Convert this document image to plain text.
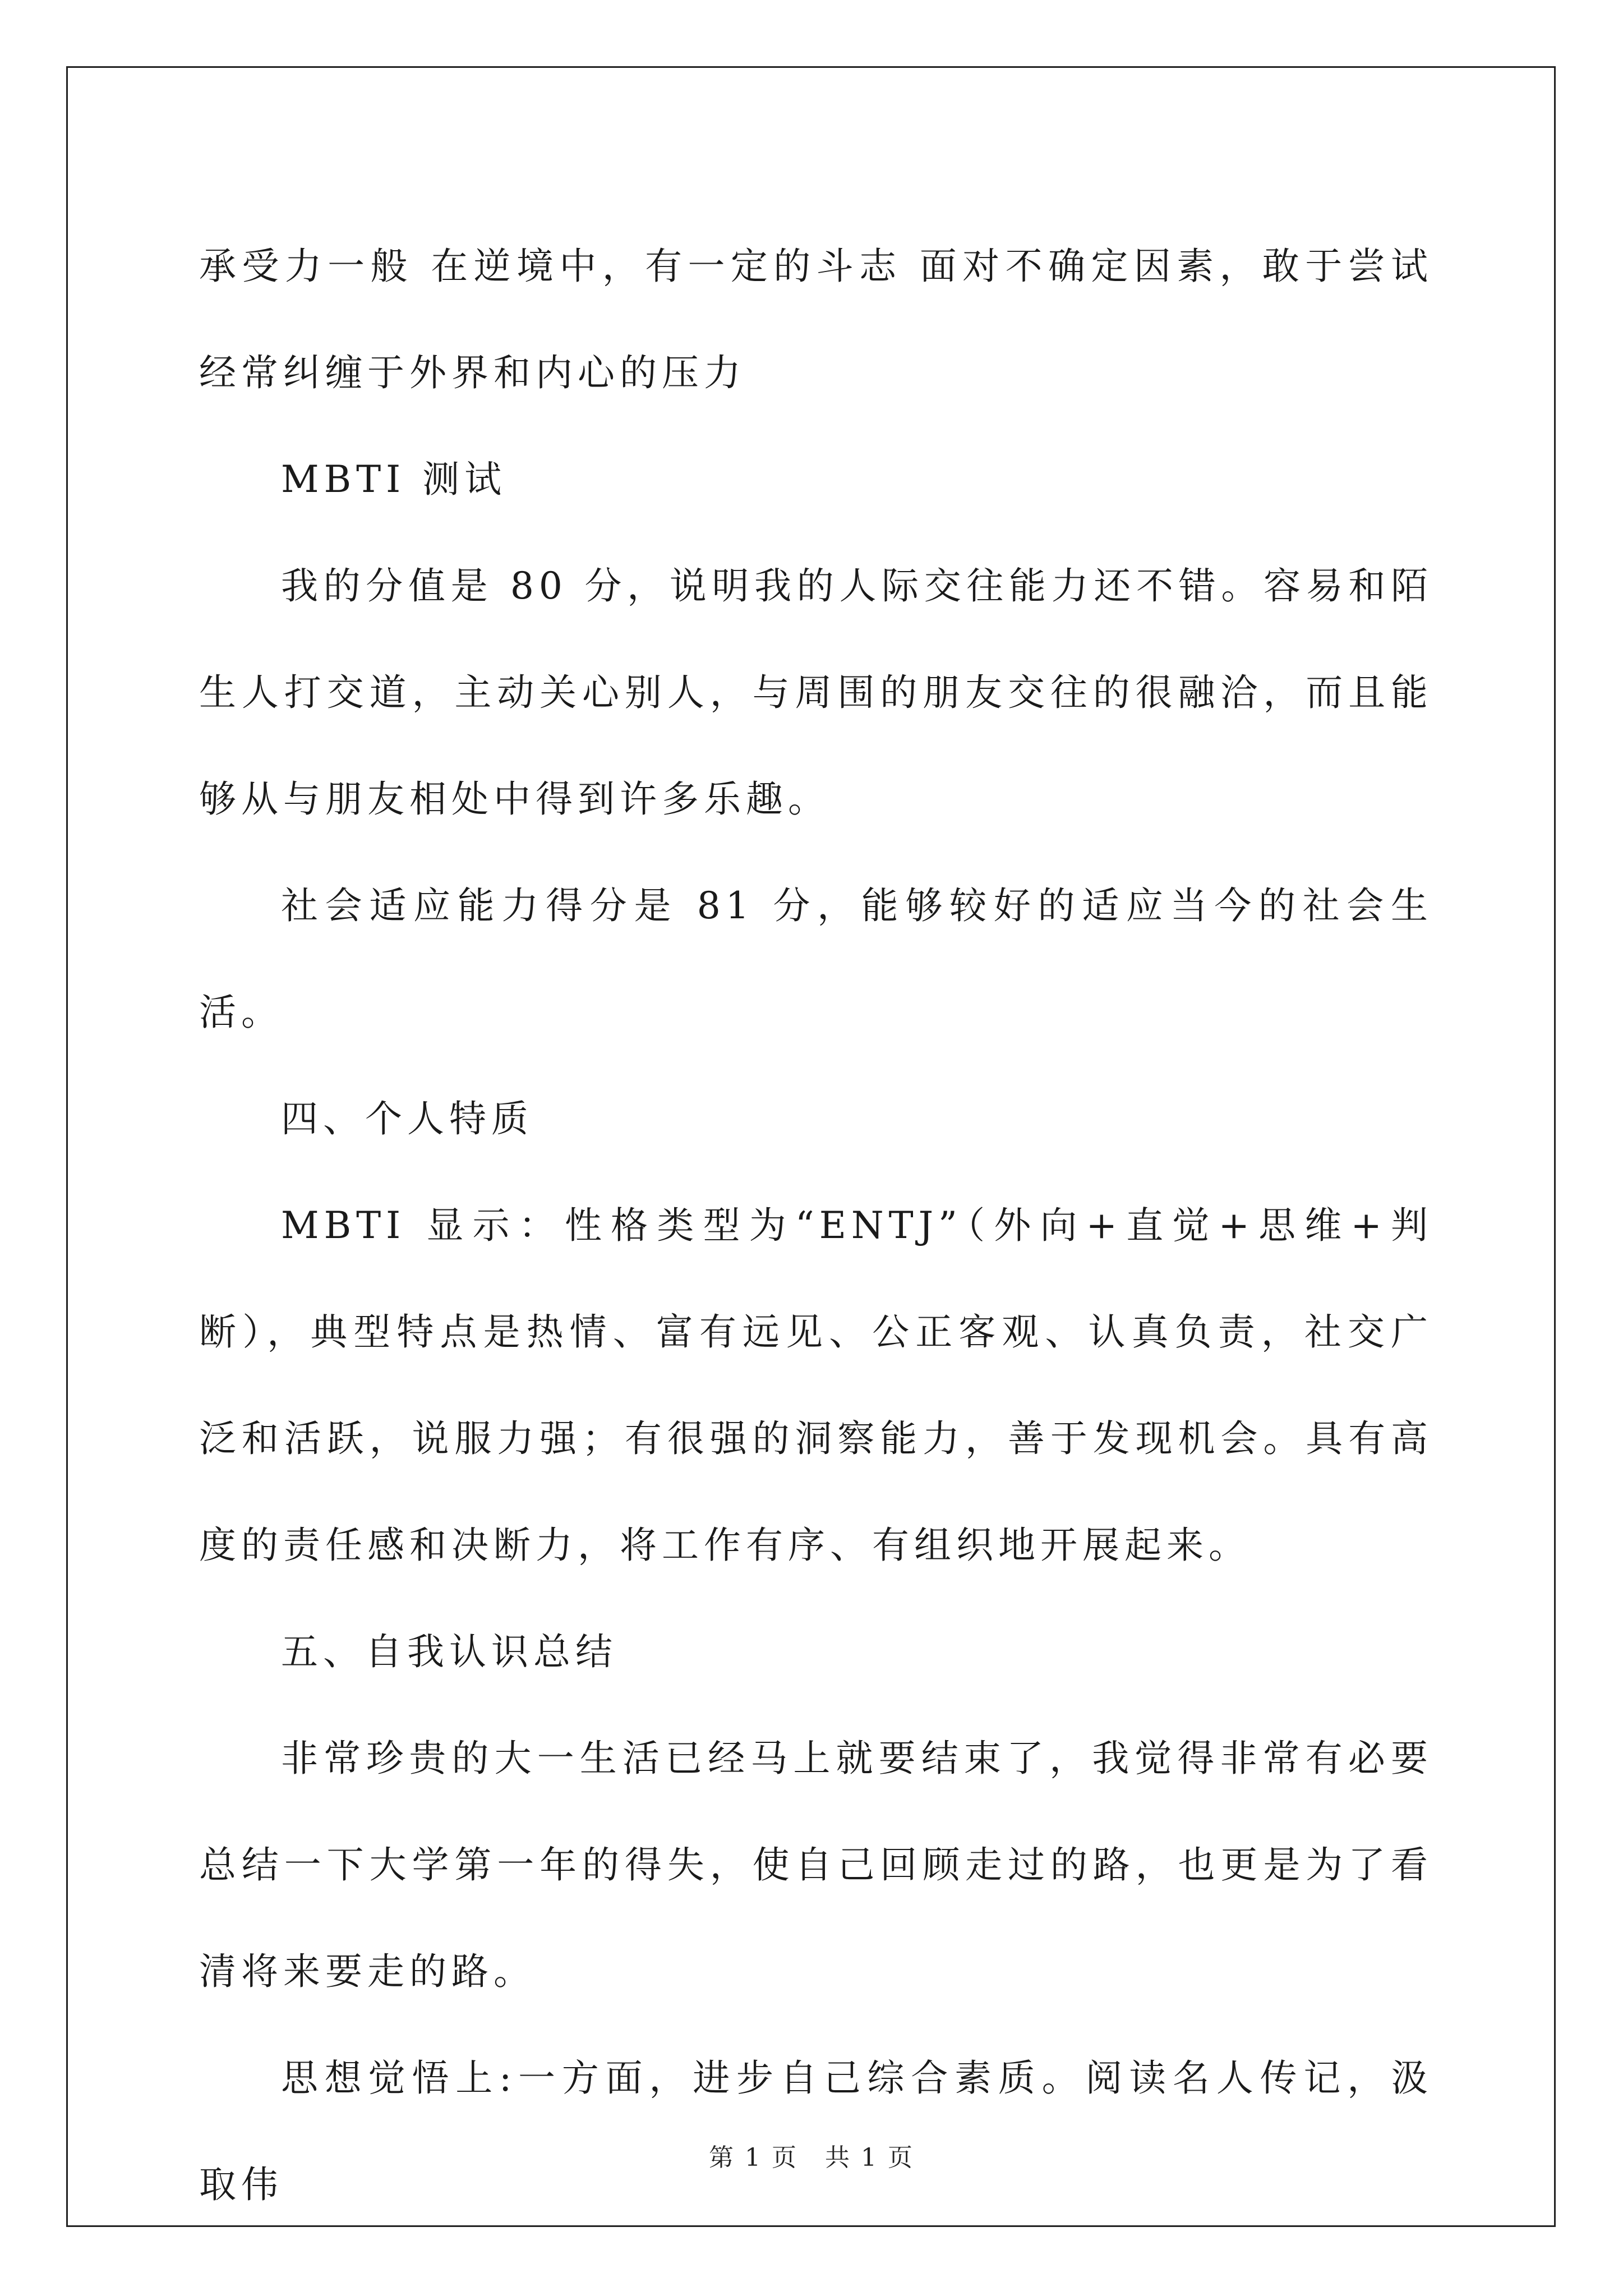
承受力一般 在逆境中，有一定的斗志 面对不确定因素，敢于尝试 经常纠缠于外界和内心的压力

MBTI 测试

我的分值是 80 分，说明我的人际交往能力还不错。容易和陌生人打交道，主动关心别人，与周围的朋友交往的很融洽，而且能够从与朋友相处中得到许多乐趣。

社会适应能力得分是 81 分，能够较好的适应当今的社会生活。

四、个人特质

MBTI 显示：性格类型为“ENTJ”（外向+直觉+思维+判断），典型特点是热情、富有远见、公正客观、认真负责，社交广泛和活跃，说服力强；有很强的洞察能力，善于发现机会。具有高度的责任感和决断力，将工作有序、有组织地开展起来。

五、自我认识总结

非常珍贵的大一生活已经马上就要结束了，我觉得非常有必要总结一下大学第一年的得失，使自己回顾走过的路，也更是为了看清将来要走的路。

思想觉悟上:一方面，进步自己综合素质。阅读名人传记，汲取伟

第 1 页 共 1 页
